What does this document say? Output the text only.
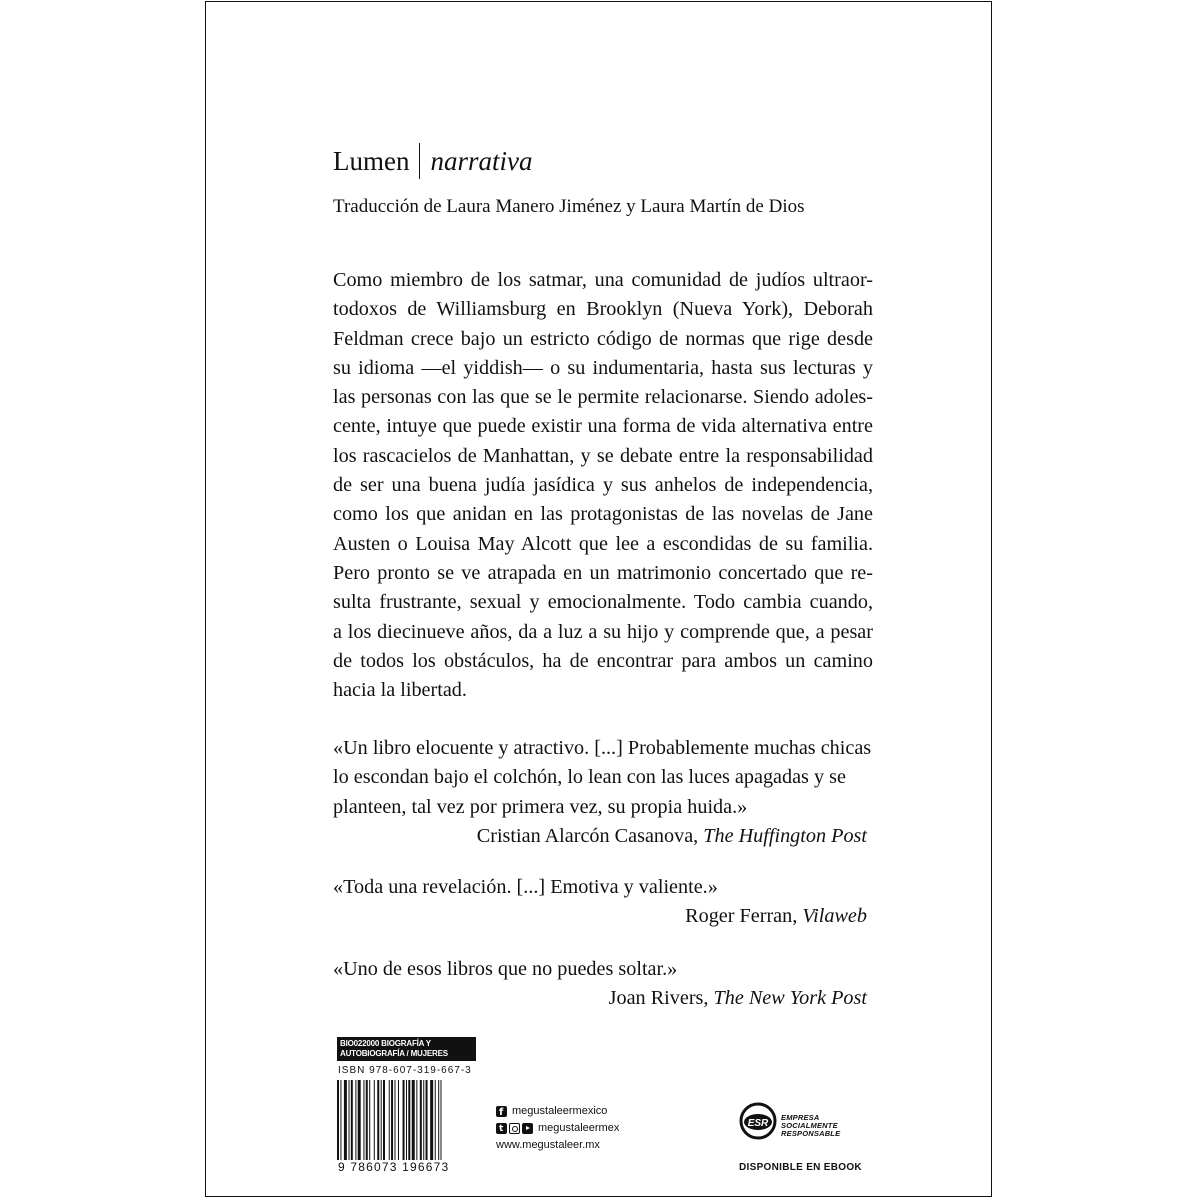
Lumen narrativa
Traducción de Laura Manero Jiménez y Laura Martín de Dios
Como miembro de los satmar, una comunidad de judíos ultraor-
todoxos de Williamsburg en Brooklyn (Nueva York), Deborah
Feldman crece bajo un estricto código de normas que rige desde
su idioma —el yiddish— o su indumentaria, hasta sus lecturas y
las personas con las que se le permite relacionarse. Siendo adoles-
cente, intuye que puede existir una forma de vida alternativa entre
los rascacielos de Manhattan, y se debate entre la responsabilidad
de ser una buena judía jasídica y sus anhelos de independencia,
como los que anidan en las protagonistas de las novelas de Jane
Austen o Louisa May Alcott que lee a escondidas de su familia.
Pero pronto se ve atrapada en un matrimonio concertado que re-
sulta frustrante, sexual y emocionalmente. Todo cambia cuando,
a los diecinueve años, da a luz a su hijo y comprende que, a pesar
de todos los obstáculos, ha de encontrar para ambos un camino
hacia la libertad.
«Un libro elocuente y atractivo. [...] Probablemente muchas chicas
lo escondan bajo el colchón, lo lean con las luces apagadas y se
planteen, tal vez por primera vez, su propia huida.»
Cristian Alarcón Casanova, The Huffington Post
«Toda una revelación. [...] Emotiva y valiente.»
Roger Ferran, Vilaweb
«Uno de esos libros que no puedes soltar.»
Joan Rivers, The New York Post
BIO022000 BIOGRAFÍA Y AUTOBIOGRAFÍA / MUJERES
ISBN 978-607-319-667-3
9 786073 196673
f
megustaleermexico
t
megustaleermex
www.megustaleer.mx
ESR
EMPRESA
SOCIALMENTE
RESPONSABLE
DISPONIBLE EN EBOOK
